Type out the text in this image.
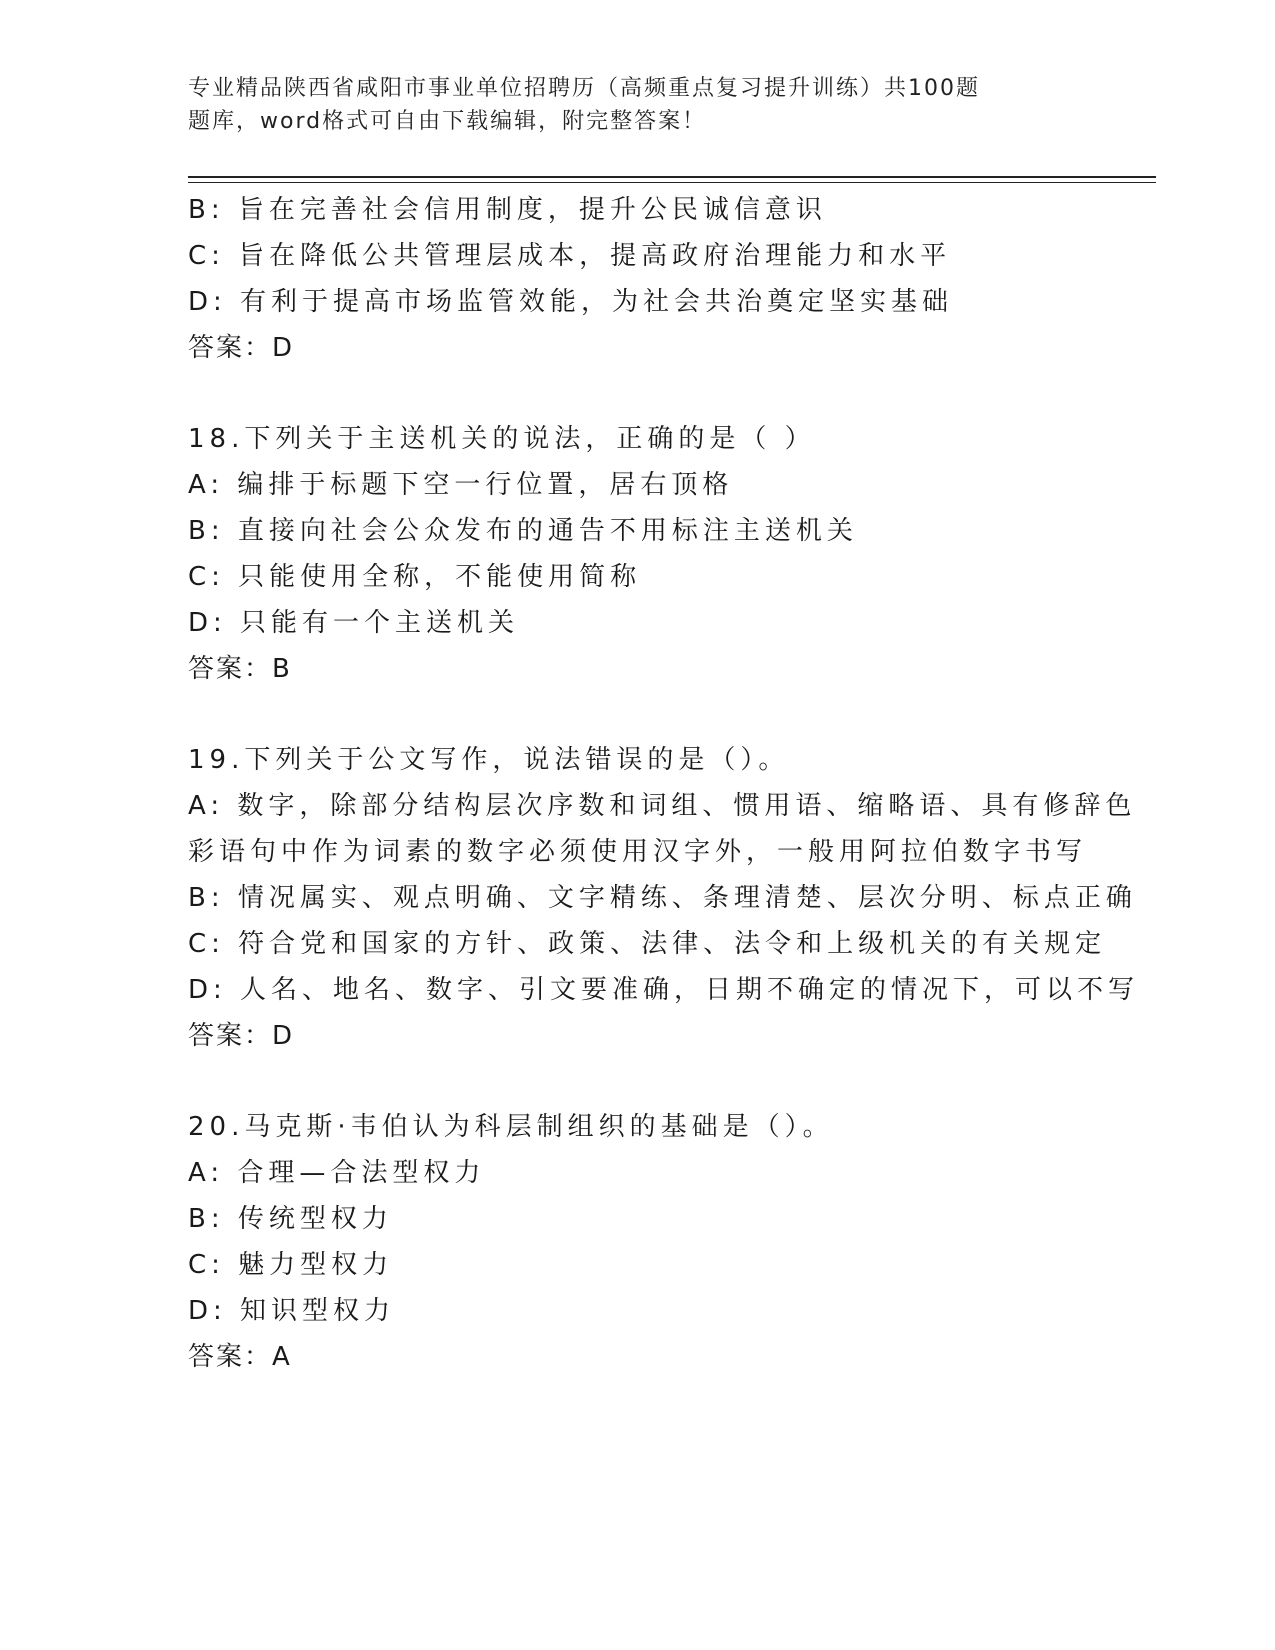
专业精品陕西省咸阳市事业单位招聘历（高频重点复习提升训练）共100题
题库，word格式可自由下载编辑，附完整答案！
B: 旨在完善社会信用制度，提升公民诚信意识
C: 旨在降低公共管理层成本，提高政府治理能力和水平
D: 有利于提高市场监管效能，为社会共治奠定坚实基础
答案：D
18.下列关于主送机关的说法，正确的是（ ）
A: 编排于标题下空一行位置，居右顶格
B: 直接向社会公众发布的通告不用标注主送机关
C: 只能使用全称，不能使用简称
D: 只能有一个主送机关
答案：B
19.下列关于公文写作，说法错误的是（）。
A: 数字，除部分结构层次序数和词组、惯用语、缩略语、具有修辞色
彩语句中作为词素的数字必须使用汉字外，一般用阿拉伯数字书写
B: 情况属实、观点明确、文字精练、条理清楚、层次分明、标点正确
C: 符合党和国家的方针、政策、法律、法令和上级机关的有关规定
D: 人名、地名、数字、引文要准确，日期不确定的情况下，可以不写
答案：D
20.马克斯·韦伯认为科层制组织的基础是（）。
A: 合理—合法型权力
B: 传统型权力
C: 魅力型权力
D: 知识型权力
答案：A
